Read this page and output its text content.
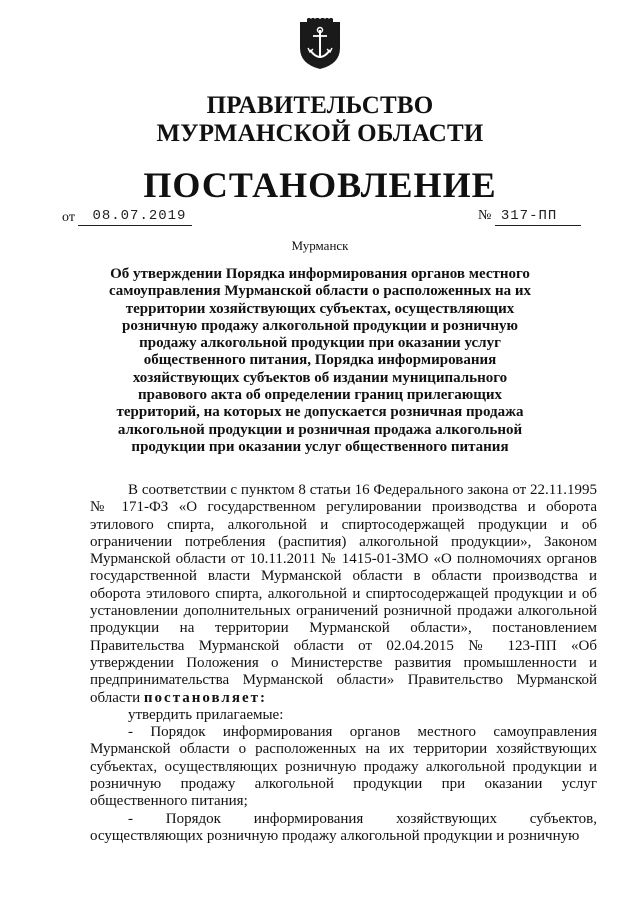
ПРАВИТЕЛЬСТВО
МУРМАНСКОЙ ОБЛАСТИ
ПОСТАНОВЛЕНИЕ
от 08.07.2019	№ 317-ПП
Мурманск
Об утверждении Порядка информирования органов местного самоуправления Мурманской области о расположенных на их территории хозяйствующих субъектах, осуществляющих розничную продажу алкогольной продукции и розничную продажу алкогольной продукции при оказании услуг общественного питания, Порядка информирования хозяйствующих субъектов об издании муниципального правового акта об определении границ прилегающих территорий, на которых не допускается розничная продажа алкогольной продукции и розничная продажа алкогольной продукции при оказании услуг общественного питания

В соответствии с пунктом 8 статьи 16 Федерального закона от 22.11.1995 № 171-ФЗ «О государственном регулировании производства и оборота этилового спирта, алкогольной и спиртосодержащей продукции и об ограничении потребления (распития) алкогольной продукции», Законом Мурманской области от 10.11.2011 № 1415-01-ЗМО «О полномочиях органов государственной власти Мурманской области в области производства и оборота этилового спирта, алкогольной и спиртосодержащей продукции и об установлении дополнительных ограничений розничной продажи алкогольной продукции на территории Мурманской области», постановлением Правительства Мурманской области от 02.04.2015 № 123-ПП «Об утверждении Положения о Министерстве развития промышленности и предпринимательства Мурманской области» Правительство Мурманской области постановляет:

утвердить прилагаемые:

- Порядок информирования органов местного самоуправления Мурманской области о расположенных на их территории хозяйствующих субъектах, осуществляющих розничную продажу алкогольной продукции и розничную продажу алкогольной продукции при оказании услуг общественного питания;

- Порядок информирования хозяйствующих субъектов, осуществляющих розничную продажу алкогольной продукции и розничную
